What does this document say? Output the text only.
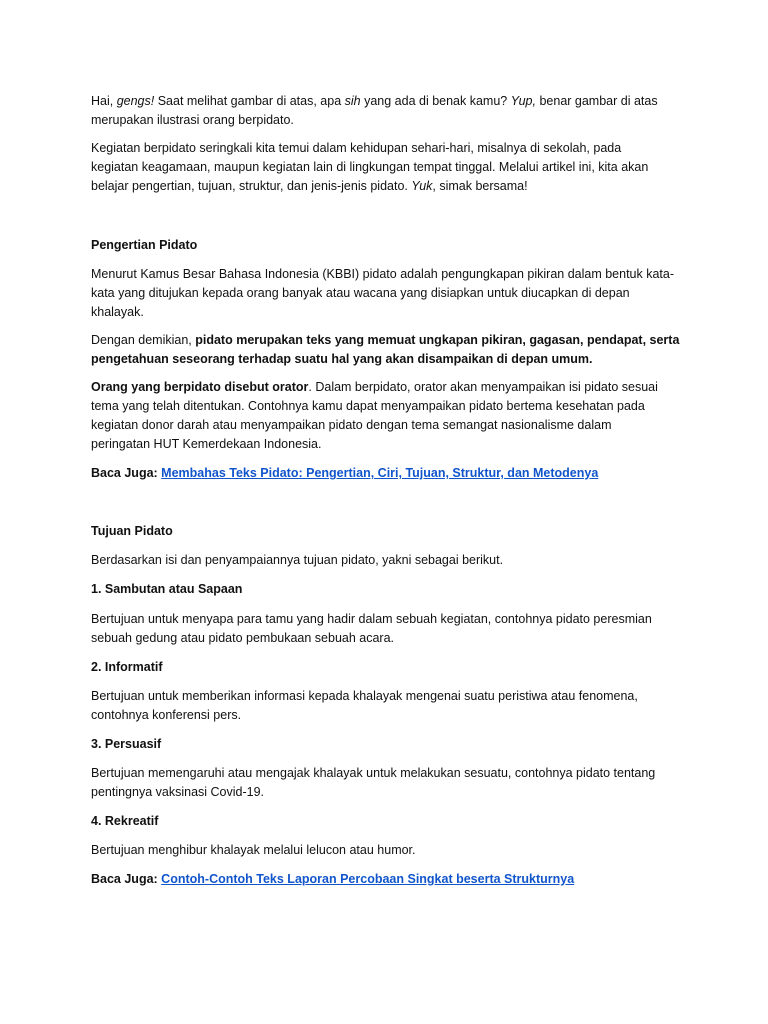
Hai, gengs! Saat melihat gambar di atas, apa sih yang ada di benak kamu? Yup, benar gambar di atas
merupakan ilustrasi orang berpidato.

Kegiatan berpidato seringkali kita temui dalam kehidupan sehari-hari, misalnya di sekolah, pada
kegiatan keagamaan, maupun kegiatan lain di lingkungan tempat tinggal. Melalui artikel ini, kita akan
belajar pengertian, tujuan, struktur, dan jenis-jenis pidato. Yuk, simak bersama!

Pengertian Pidato

Menurut Kamus Besar Bahasa Indonesia (KBBI) pidato adalah pengungkapan pikiran dalam bentuk kata-
kata yang ditujukan kepada orang banyak atau wacana yang disiapkan untuk diucapkan di depan
khalayak.

Dengan demikian, pidato merupakan teks yang memuat ungkapan pikiran, gagasan, pendapat, serta
pengetahuan seseorang terhadap suatu hal yang akan disampaikan di depan umum.

Orang yang berpidato disebut orator. Dalam berpidato, orator akan menyampaikan isi pidato sesuai
tema yang telah ditentukan. Contohnya kamu dapat menyampaikan pidato bertema kesehatan pada
kegiatan donor darah atau menyampaikan pidato dengan tema semangat nasionalisme dalam
peringatan HUT Kemerdekaan Indonesia.

Baca Juga: Membahas Teks Pidato: Pengertian, Ciri, Tujuan, Struktur, dan Metodenya

Tujuan Pidato

Berdasarkan isi dan penyampaiannya tujuan pidato, yakni sebagai berikut.

1. Sambutan atau Sapaan

Bertujuan untuk menyapa para tamu yang hadir dalam sebuah kegiatan, contohnya pidato peresmian
sebuah gedung atau pidato pembukaan sebuah acara.

2. Informatif

Bertujuan untuk memberikan informasi kepada khalayak mengenai suatu peristiwa atau fenomena,
contohnya konferensi pers.

3. Persuasif

Bertujuan memengaruhi atau mengajak khalayak untuk melakukan sesuatu, contohnya pidato tentang
pentingnya vaksinasi Covid-19.

4. Rekreatif

Bertujuan menghibur khalayak melalui lelucon atau humor.

Baca Juga: Contoh-Contoh Teks Laporan Percobaan Singkat beserta Strukturnya
